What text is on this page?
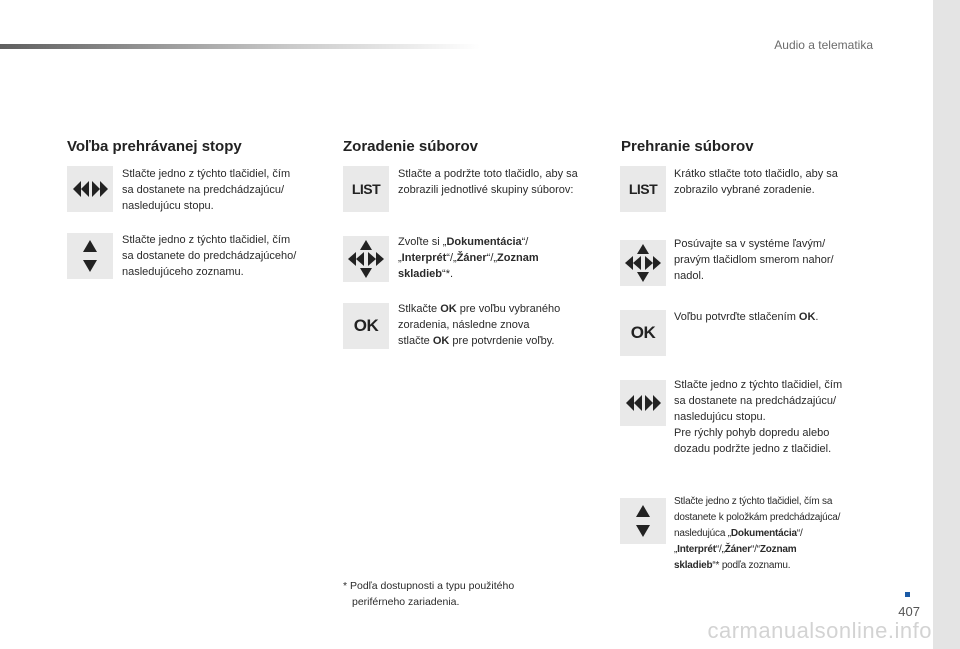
Audio a telematika
Voľba prehrávanej stopy
Stlačte jedno z týchto tlačidiel, čím
sa dostanete na predchádzajúcu/
nasledujúcu stopu.
Stlačte jedno z týchto tlačidiel, čím
sa dostanete do predchádzajúceho/
nasledujúceho zoznamu.
Zoradenie súborov
LIST
Stlačte a podržte toto tlačidlo, aby sa
zobrazili jednotlivé skupiny súborov:
Zvoľte si „Dokumentácia“/
„Interprét“/„Žáner“/„Zoznam
skladieb“*.
OK
Stlkačte OK pre voľbu vybraného
zoradenia, následne znova
stlačte OK pre potvrdenie voľby.
* Podľa dostupnosti a typu použitého
periférneho zariadenia.
Prehranie súborov
LIST
Krátko stlačte toto tlačidlo, aby sa
zobrazilo vybrané zoradenie.
Posúvajte sa v systéme ľavým/
pravým tlačidlom smerom nahor/
nadol.
OK
Voľbu potvrďte stlačením OK.
Stlačte jedno z týchto tlačidiel, čím
sa dostanete na predchádzajúcu/
nasledujúcu stopu.
Pre rýchly pohyb dopredu alebo
dozadu podržte jedno z tlačidiel.
Stlačte jedno z týchto tlačidiel, čím sa
dostanete k položkám predchádzajúca/
nasledujúca „Dokumentácia“/
„Interprét“/„Žáner“/“Zoznam
skladieb“* podľa zoznamu.
407
carmanualsonline.info
